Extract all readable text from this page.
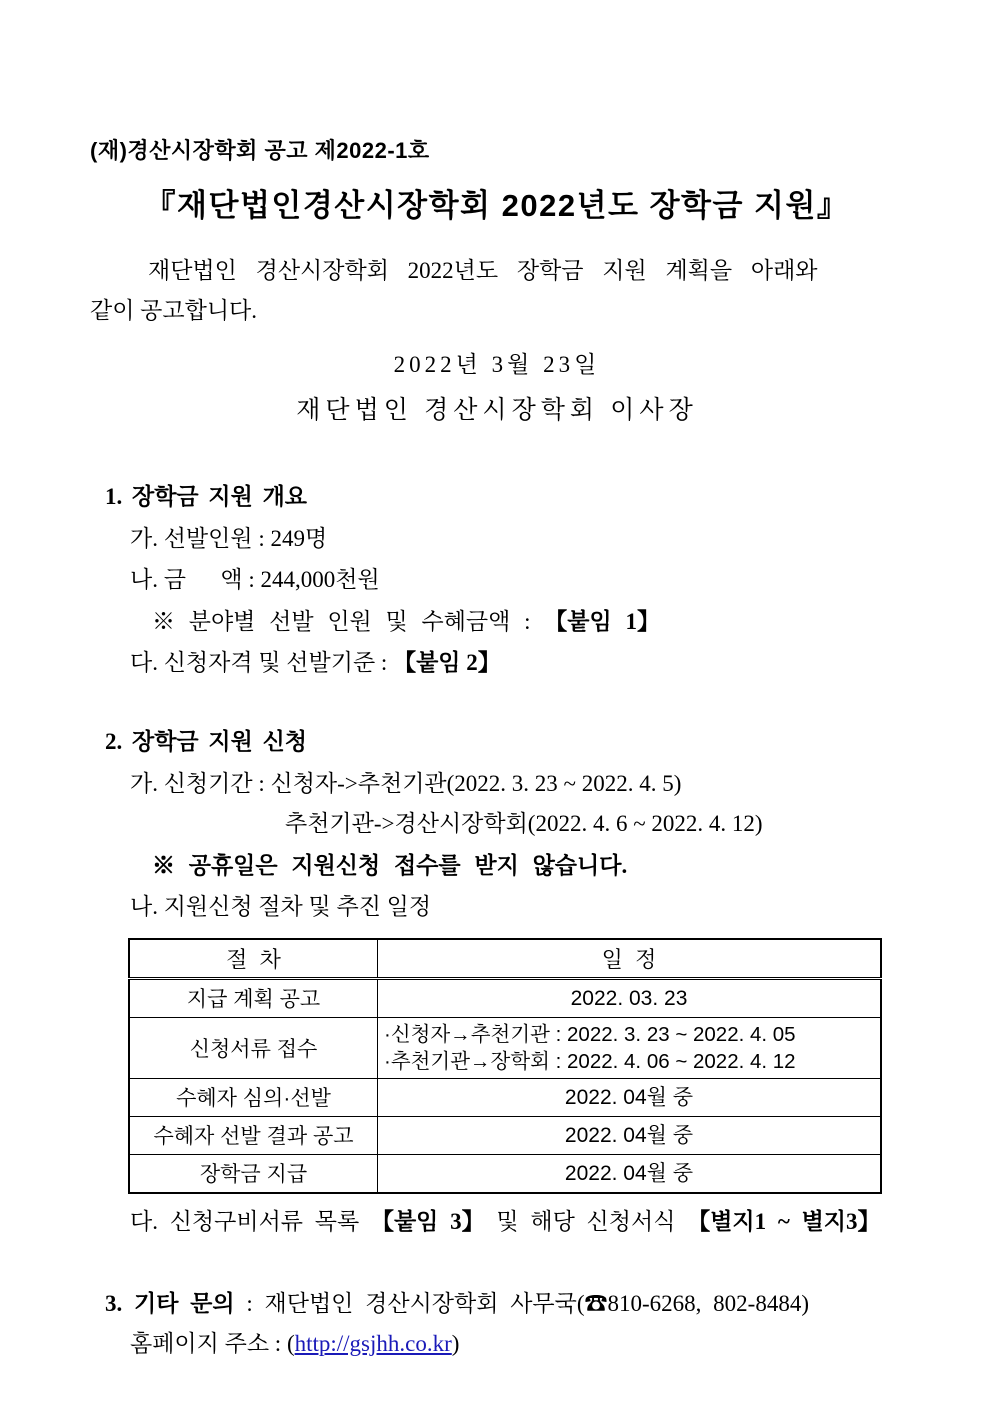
(재)경산시장학회 공고 제2022-1호
『재단법인경산시장학회 2022년도 장학금 지원』
재단법인 경산시장학회 2022년도 장학금 지원 계획을 아래와
같이 공고합니다.
2022년 3월 23일
재단법인 경산시장학회 이사장
1. 장학금 지원 개요
가. 선발인원 : 249명
나. 금      액 : 244,000천원
※ 분야별 선발 인원 및 수혜금액 : 【붙임 1】
다. 신청자격 및 선발기준 : 【붙임 2】
2. 장학금 지원 신청
가. 신청기간 : 신청자->추천기관(2022. 3. 23 ~ 2022. 4. 5)
추천기관->경산시장학회(2022. 4. 6 ~ 2022. 4. 12)
※ 공휴일은 지원신청 접수를 받지 않습니다.
나. 지원신청 절차 및 추진 일정
절  차	일  정
지급 계획 공고	2022. 03. 23

신청서류 접수	·신청자→추천기관 : 2022. 3. 23 ~ 2022. 4. 05
·추천기관→장학회 : 2022. 4. 06 ~ 2022. 4. 12

수혜자 심의·선발	2022. 04월 중

수혜자 선발 결과 공고	2022. 04월 중

장학금 지급	2022. 04월 중
다. 신청구비서류 목록 【붙임 3】 및 해당 신청서식 【별지1 ~ 별지3】
3. 기타 문의 : 재단법인 경산시장학회 사무국(☎810-6268, 802-8484)
홈페이지 주소 : (http://gsjhh.co.kr)
